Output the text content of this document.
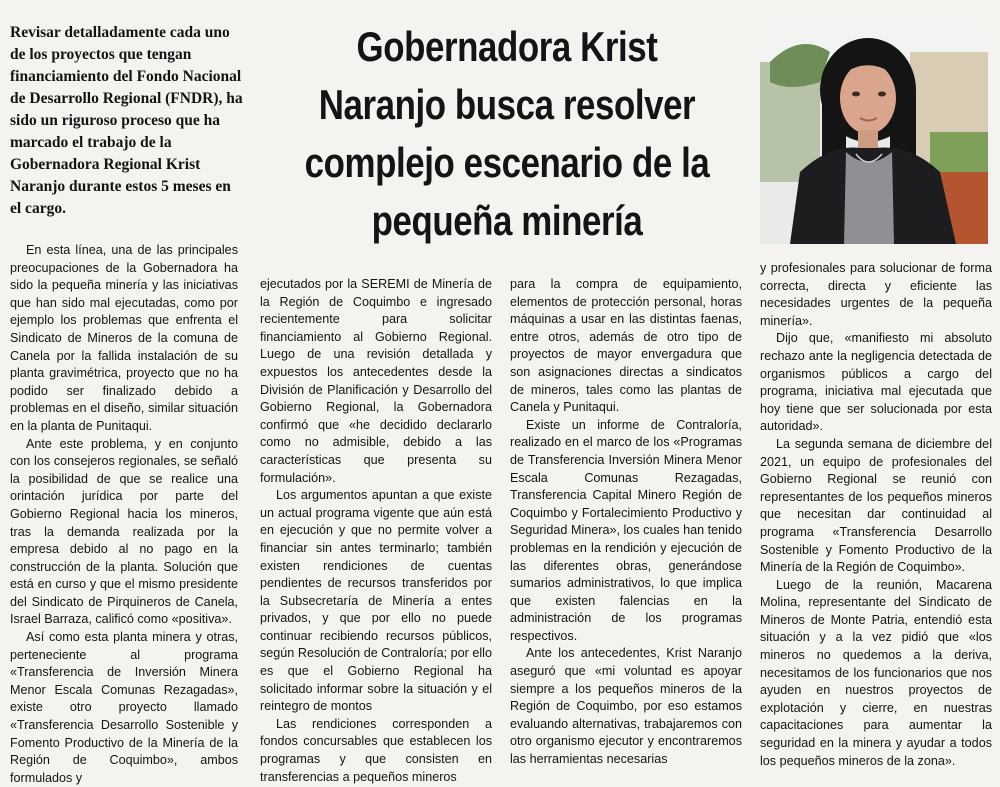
Revisar detalladamente cada uno de los proyectos que tengan financiamiento del Fondo Nacional de Desarrollo Regional (FNDR), ha sido un riguroso proceso que ha marcado el trabajo de la Gobernadora Regional Krist Naranjo durante estos 5 meses en el cargo.
Gobernadora Krist Naranjo busca resolver complejo escenario de la pequeña minería

En esta línea, una de las principales preocupaciones de la Gobernadora ha sido la pequeña minería y las iniciativas que han sido mal ejecutadas, como por ejemplo los problemas que enfrenta el Sindicato de Mineros de la comuna de Canela por la fallida instalación de su planta gravimétrica, proyecto que no ha podido ser finalizado debido a problemas en el diseño, similar situación en la planta de Punitaqui.

Ante este problema, y en conjunto con los consejeros regionales, se señaló la posibilidad de que se realice una orintación jurídica por parte del Gobierno Regional hacia los mineros, tras la demanda realizada por la empresa debido al no pago en la construcción de la planta. Solución que está en curso y que el mismo presidente del Sindicato de Pirquineros de Canela, Israel Barraza, calificó como «positiva».

Así como esta planta minera y otras, perteneciente al programa «Transferencia de Inversión Minera Menor Escala Comunas Rezagadas», existe otro proyecto llamado «Transferencia Desarrollo Sostenible y Fomento Productivo de la Minería de la Región de Coquimbo», ambos formulados y

ejecutados por la SEREMI de Minería de la Región de Coquimbo e ingresado recientemente para solicitar financiamiento al Gobierno Regional. Luego de una revisión detallada y expuestos los antecedentes desde la División de Planificación y Desarrollo del Gobierno Regional, la Gobernadora confirmó que «he decidido declararlo como no admisible, debido a las características que presenta su formulación».

Los argumentos apuntan a que existe un actual programa vigente que aún está en ejecución y que no permite volver a financiar sin antes terminarlo; también existen rendiciones de cuentas pendientes de recursos transferidos por la Subsecretaría de Minería a entes privados, y que por ello no puede continuar recibiendo recursos públicos, según Resolución de Contraloría; por ello es que el Gobierno Regional ha solicitado informar sobre la situación y el reintegro de montos

Las rendiciones corresponden a fondos concursables que establecen los programas y que consisten en transferencias a pequeños mineros

para la compra de equipamiento, elementos de protección personal, horas máquinas a usar en las distintas faenas, entre otros, además de otro tipo de proyectos de mayor envergadura que son asignaciones directas a sindicatos de mineros, tales como las plantas de Canela y Punitaqui.

Existe un informe de Contraloría, realizado en el marco de los «Programas de Transferencia Inversión Minera Menor Escala Comunas Rezagadas, Transferencia Capital Minero Región de Coquimbo y Fortalecimiento Productivo y Seguridad Minera», los cuales han tenido problemas en la rendición y ejecución de las diferentes obras, generándose sumarios administrativos, lo que implica que existen falencias en la administración de los programas respectivos.

Ante los antecedentes, Krist Naranjo aseguró que «mi voluntad es apoyar siempre a los pequeños mineros de la Región de Coquimbo, por eso estamos evaluando alternativas, trabajaremos con otro organismo ejecutor y encontraremos las herramientas necesarias

y profesionales para solucionar de forma correcta, directa y eficiente las necesidades urgentes de la pequeña minería».

Dijo que, «manifiesto mi absoluto rechazo ante la negligencia detectada de organismos públicos a cargo del programa, iniciativa mal ejecutada que hoy tiene que ser solucionada por esta autoridad».

La segunda semana de diciembre del 2021, un equipo de profesionales del Gobierno Regional se reunió con representantes de los pequeños mineros que necesitan dar continuidad al programa «Transferencia Desarrollo Sostenible y Fomento Productivo de la Minería de la Región de Coquimbo».

Luego de la reunión, Macarena Molina, representante del Sindicato de Mineros de Monte Patria, entendió esta situación y a la vez pidió que «los mineros no quedemos a la deriva, necesitamos de los funcionarios que nos ayuden en nuestros proyectos de explotación y cierre, en nuestras capacitaciones para aumentar la seguridad en la minera y ayudar a todos los pequeños mineros de la zona».
